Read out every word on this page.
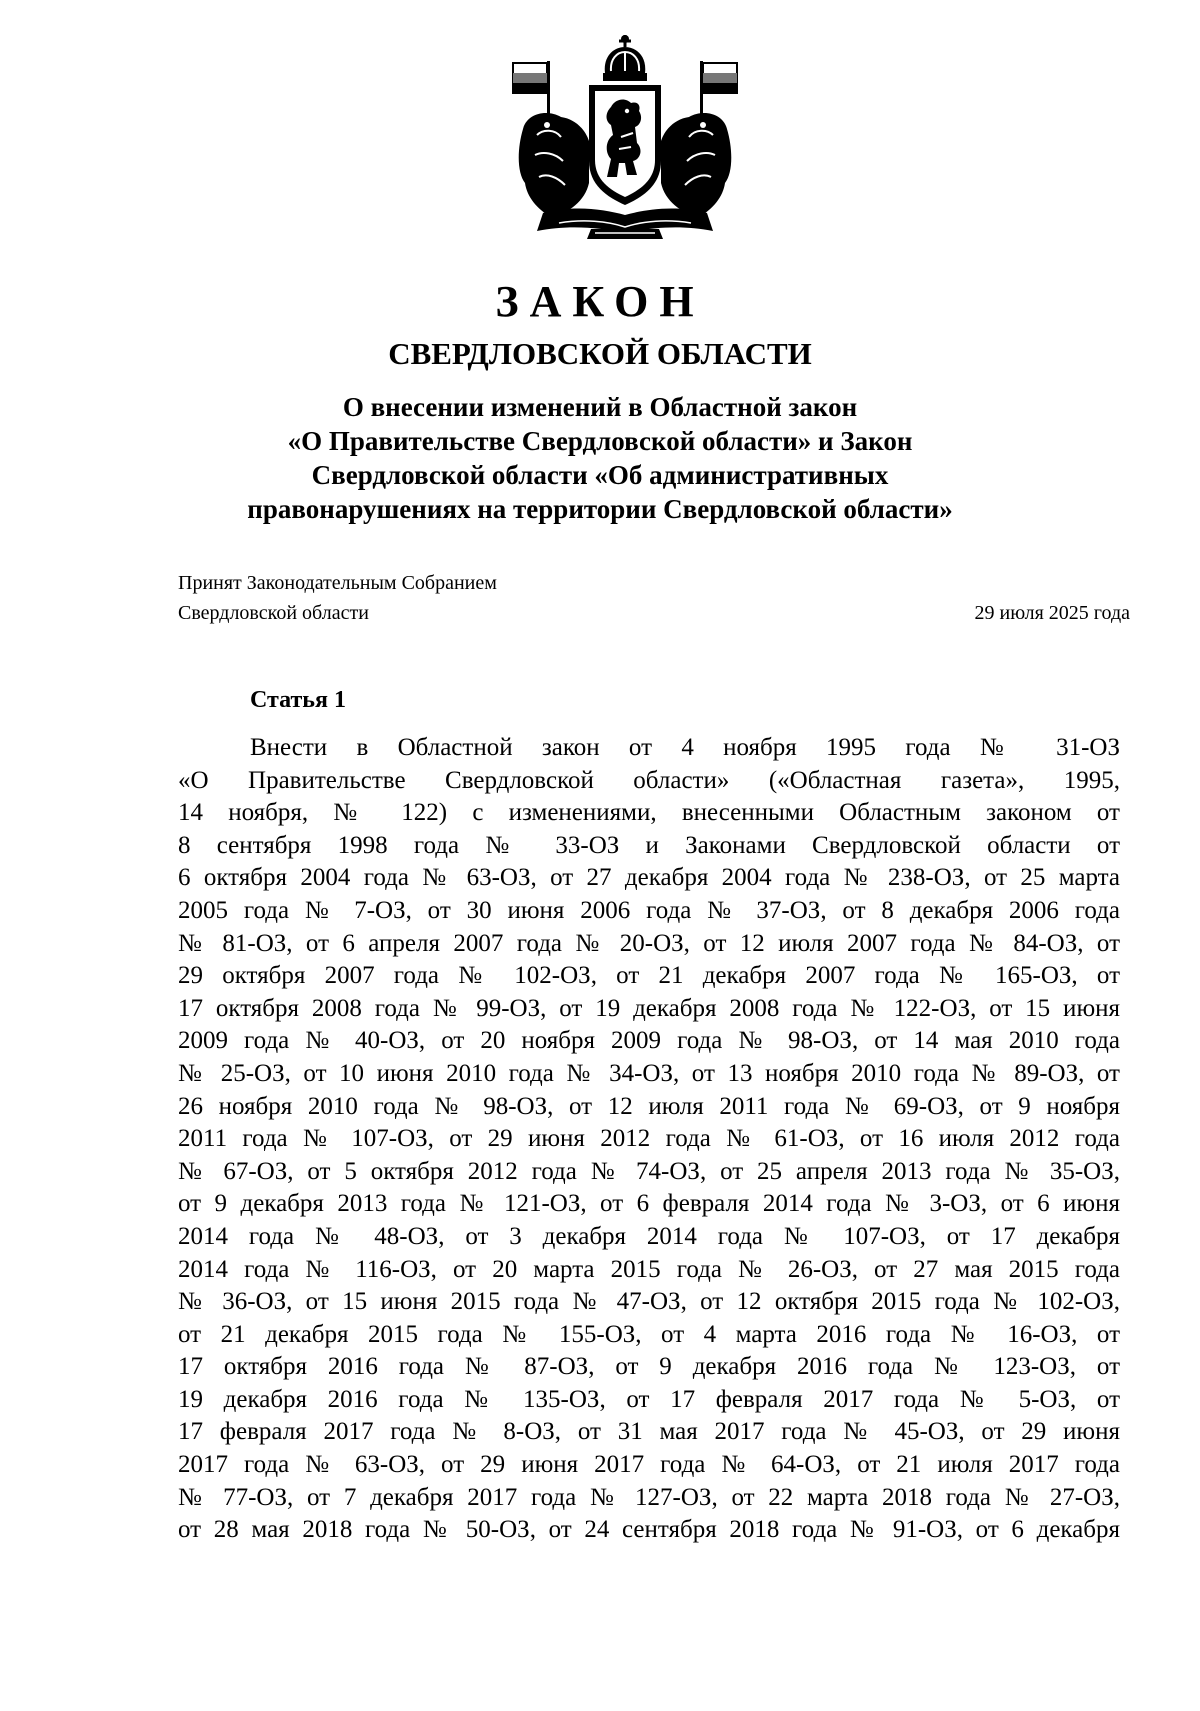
ЗАКОН
СВЕРДЛОВСКОЙ ОБЛАСТИ
О внесении изменений в Областной закон
«О Правительстве Свердловской области» и Закон
Свердловской области «Об административных
правонарушениях на территории Свердловской области»
Принят Законодательным Собранием
Свердловской области	29 июля 2025 года
Статья 1
Внести в Областной закон от 4 ноября 1995 года № 31-ОЗ
«О Правительстве Свердловской области» («Областная газета», 1995,
14 ноября, № 122) с изменениями, внесенными Областным законом от
8 сентября 1998 года № 33-ОЗ и Законами Свердловской области от
6 октября 2004 года № 63-ОЗ, от 27 декабря 2004 года № 238-ОЗ, от 25 марта
2005 года № 7-ОЗ, от 30 июня 2006 года № 37-ОЗ, от 8 декабря 2006 года
№ 81-ОЗ, от 6 апреля 2007 года № 20-ОЗ, от 12 июля 2007 года № 84-ОЗ, от
29 октября 2007 года № 102-ОЗ, от 21 декабря 2007 года № 165-ОЗ, от
17 октября 2008 года № 99-ОЗ, от 19 декабря 2008 года № 122-ОЗ, от 15 июня
2009 года № 40-ОЗ, от 20 ноября 2009 года № 98-ОЗ, от 14 мая 2010 года
№ 25-ОЗ, от 10 июня 2010 года № 34-ОЗ, от 13 ноября 2010 года № 89-ОЗ, от
26 ноября 2010 года № 98-ОЗ, от 12 июля 2011 года № 69-ОЗ, от 9 ноября
2011 года № 107-ОЗ, от 29 июня 2012 года № 61-ОЗ, от 16 июля 2012 года
№ 67-ОЗ, от 5 октября 2012 года № 74-ОЗ, от 25 апреля 2013 года № 35-ОЗ,
от 9 декабря 2013 года № 121-ОЗ, от 6 февраля 2014 года № 3-ОЗ, от 6 июня
2014 года № 48-ОЗ, от 3 декабря 2014 года № 107-ОЗ, от 17 декабря
2014 года № 116-ОЗ, от 20 марта 2015 года № 26-ОЗ, от 27 мая 2015 года
№ 36-ОЗ, от 15 июня 2015 года № 47-ОЗ, от 12 октября 2015 года № 102-ОЗ,
от 21 декабря 2015 года № 155-ОЗ, от 4 марта 2016 года № 16-ОЗ, от
17 октября 2016 года № 87-ОЗ, от 9 декабря 2016 года № 123-ОЗ, от
19 декабря 2016 года № 135-ОЗ, от 17 февраля 2017 года № 5-ОЗ, от
17 февраля 2017 года № 8-ОЗ, от 31 мая 2017 года № 45-ОЗ, от 29 июня
2017 года № 63-ОЗ, от 29 июня 2017 года № 64-ОЗ, от 21 июля 2017 года
№ 77-ОЗ, от 7 декабря 2017 года № 127-ОЗ, от 22 марта 2018 года № 27-ОЗ,
от 28 мая 2018 года № 50-ОЗ, от 24 сентября 2018 года № 91-ОЗ, от 6 декабря
